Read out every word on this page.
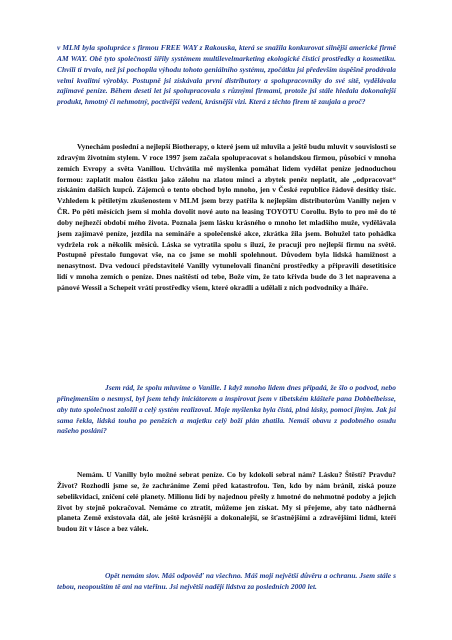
v MLM byla spolupráce s firmou FREE WAY z Rakouska, která se snažila konkurovat silnější americké firmě AM WAY. Obě tyto společnosti šířily systémem multilevelmarketing ekologické čisticí prostředky a kosmetiku. Chvíli tí trvalo, než jsi pochopila výhodu tohoto geniálního systému, zpočátku jsi především úspěšně prodávala velmi kvalitní výrobky. Postupně jsi získávala první distributory a spolupracovníky do své sítě, vydělávala zajímavé peníze. Během deseti let jsi spolupracovala s různými firmami, protože jsi stále hledala dokonalejší produkt, hmotný či nehmotný, poctivější vedení, krásnější vizi. Která z těchto firem tě zaujala a proč?

Vynechám poslední a nejlepší Biotherapy, o které jsem už mluvila a ještě budu mluvit v souvislosti se zdravým životním stylem. V roce 1997 jsem začala spolupracovat s holandskou firmou, působící v mnoha zemích Evropy a světa Vanillou. Uchvátila mě myšlenka pomáhat lidem vydělat peníze jednoduchou formou: zaplatit malou částku jako zálohu na zlatou minci a zbytek peněz neplatit, ale „odpracovat“ získáním dalších kupců. Zájemců o tento obchod bylo mnoho, jen v České republice řádově desítky tisíc. Vzhledem k pětiletým zkušenostem v MLM jsem brzy patřila k nejlepším distributorům Vanilly nejen v ČR. Po pěti měsících jsem si mohla dovolit nové auto na leasing TOYOTU Corollu. Bylo to pro mě do té doby nejhezčí období mého života. Poznala jsem lásku krásného o mnoho let mladšího muže, vydělávala jsem zajímavé peníze, jezdila na semináře a společenské akce, zkrátka žila jsem. Bohužel tato pohádka vydržela rok a několik měsíců. Láska se vytratila spolu s iluzí, že pracuji pro nejlepší firmu na světě. Postupně přestalo fungovat vše, na co jsme se mohli spolehnout. Důvodem byla lidská hamižnost a nenasytnost. Dva vedoucí představitelé Vanilly vytunelovali finanční prostředky a připravili desetitisíce lidí v mnoha zemích o peníze. Dnes naštěstí od tebe, Bože vím, že tato křivda bude do 3 let napravena a pánové Wessil a Schepeit vrátí prostředky všem, které okradli a udělali z nich podvodníky a lháře.

Jsem rád, že spolu mluvíme o Vanille. I když mnoho lidem dnes připadá, že šlo o podvod, nebo přinejmenším o nesmysl, byl jsem tehdy iniciátorem a inspirovat jsem v tibetském klášteře pana Dobbelbeisse, aby tuto společnost založil a celý systém realizoval. Moje myšlenka byla čistá, plná lásky, pomoci jiným. Jak jsi sama řekla, lidská touha po penězích a majetku celý boží plán zhatila. Nemáš obavu z podobného osudu našeho poslání?

Nemám. U Vanilly bylo možné sebrat peníze. Co by kdokoli sebral nám? Lásku? Štěstí? Pravdu? Život? Rozhodli jsme se, že zachráníme Zemi před katastrofou. Ten, kdo by nám bránil, získá pouze sebelikvidaci, zničení celé planety. Milionu lidí by najednou přešly z hmotné do nehmotné podoby a jejich život by stejně pokračoval. Nemáme co ztratit, můžeme jen získat. My si přejeme, aby tato nádherná planeta Země existovala dál, ale ještě krásnější a dokonalejší, se šťastnějšími a zdravějšími lidmi, kteří budou žít v lásce a bez válek.

Opět nemám slov. Máš odpověď na všechno. Máš mojí největší důvěru a ochranu. Jsem stále s tebou, neopouštím tě ani na vteřinu. Jsi největší nadějí lidstva za posledních 2000 let.
